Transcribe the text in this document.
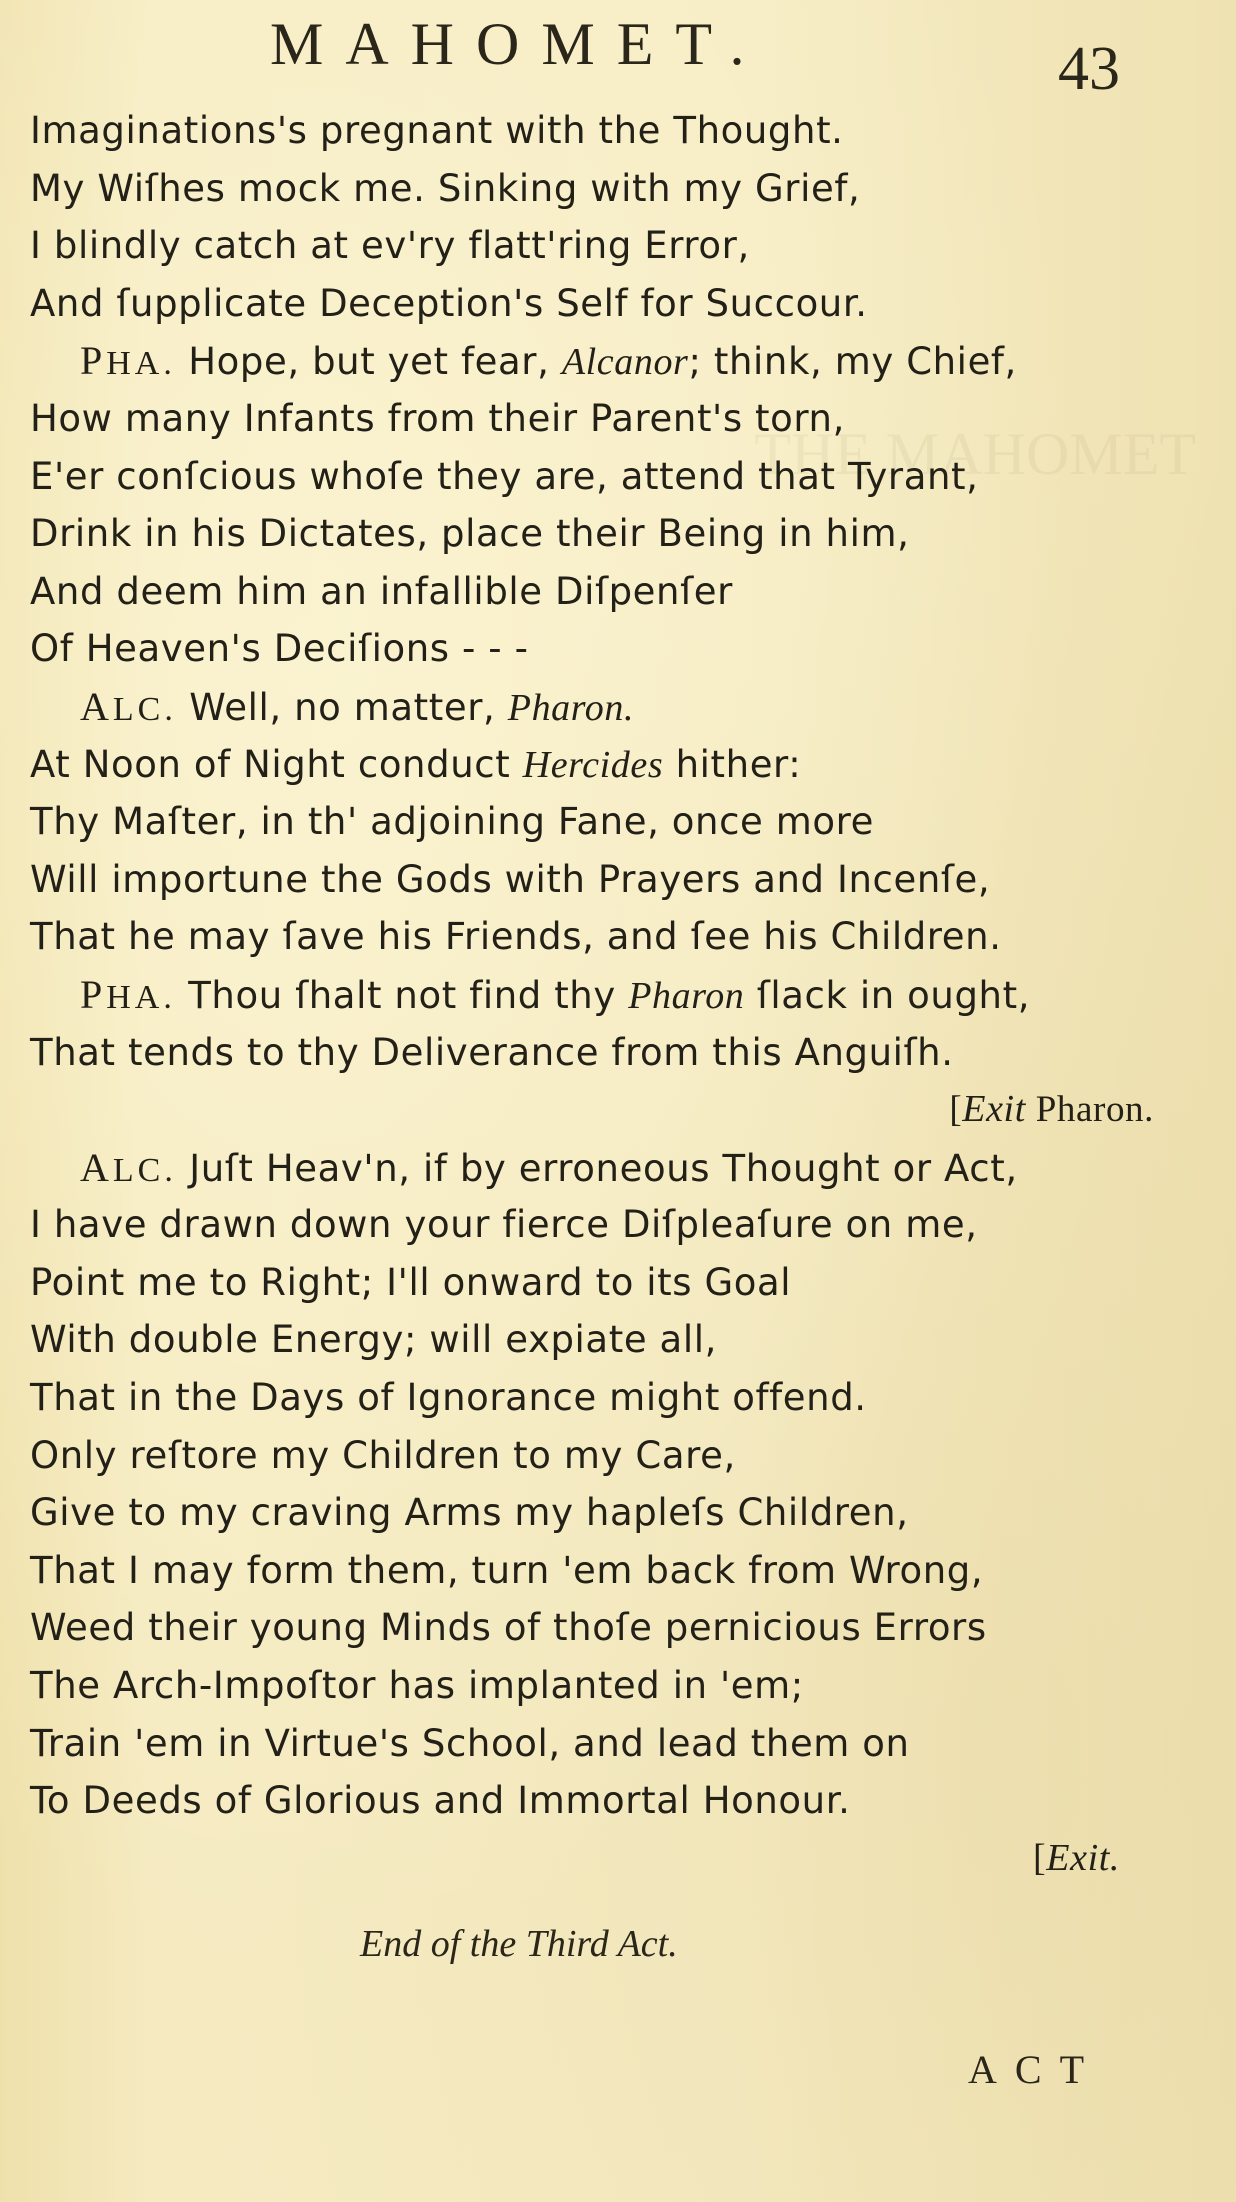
THE MAHOMET
MAHOMET.	43
Imaginations's pregnant with the Thought.
My Wiſhes mock me. Sinking with my Grief,
I blindly catch at ev'ry flatt'ring Error,
And ſupplicate Deception's Self for Succour.
PHA. Hope, but yet fear, Alcanor; think, my Chief,
How many Infants from their Parent's torn,
E'er conſcious whoſe they are, attend that Tyrant,
Drink in his Dictates, place their Being in him,
And deem him an infallible Diſpenſer
Of Heaven's Deciſions - - -
ALC. Well, no matter, Pharon.
At Noon of Night conduct Hercides hither:
Thy Maſter, in th' adjoining Fane, once more
Will importune the Gods with Prayers and Incenſe,
That he may ſave his Friends, and ſee his Children.
PHA. Thou ſhalt not find thy Pharon ſlack in ought,
That tends to thy Deliverance from this Anguiſh.
[Exit Pharon.
ALC. Juſt Heav'n, if by erroneous Thought or Act,
I have drawn down your fierce Diſpleaſure on me,
Point me to Right; I'll onward to its Goal
With double Energy; will expiate all,
That in the Days of Ignorance might offend.
Only reſtore my Children to my Care,
Give to my craving Arms my hapleſs Children,
That I may form them, turn 'em back from Wrong,
Weed their young Minds of thoſe pernicious Errors
The Arch-Impoſtor has implanted in 'em;
Train 'em in Virtue's School, and lead them on
To Deeds of Glorious and Immortal Honour.
[Exit.
End of the Third Act.
ACT
